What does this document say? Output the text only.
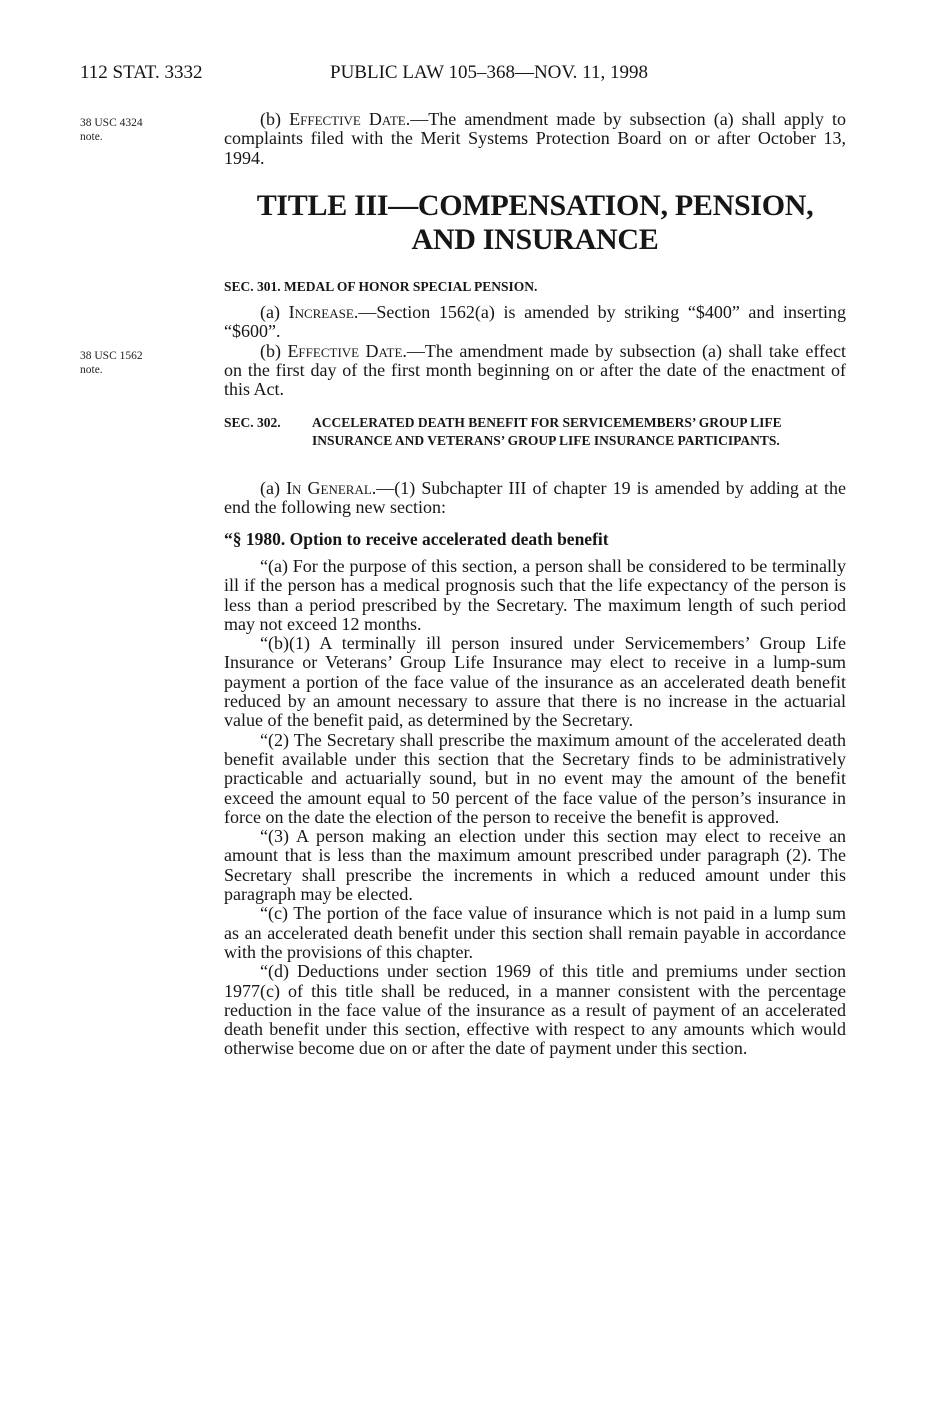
112 STAT. 3332	PUBLIC LAW 105–368—NOV. 11, 1998
38 USC 4324
note.
38 USC 1562
note.

(b) Effective Date.—The amendment made by subsection (a) shall apply to complaints filed with the Merit Systems Protection Board on or after October 13, 1994.

TITLE III—COMPENSATION, PENSION,
AND INSURANCE
SEC. 301. MEDAL OF HONOR SPECIAL PENSION.

(a) Increase.—Section 1562(a) is amended by striking “$400” and inserting “$600”.

(b) Effective Date.—The amendment made by subsection (a) shall take effect on the first day of the first month beginning on or after the date of the enactment of this Act.

SEC. 302.	ACCELERATED DEATH BENEFIT FOR SERVICEMEMBERS’ GROUP LIFE INSURANCE AND VETERANS’ GROUP LIFE INSURANCE PARTICIPANTS.

(a) In General.—(1) Subchapter III of chapter 19 is amended by adding at the end the following new section:

“§ 1980. Option to receive accelerated death benefit

“(a) For the purpose of this section, a person shall be considered to be terminally ill if the person has a medical prognosis such that the life expectancy of the person is less than a period prescribed by the Secretary. The maximum length of such period may not exceed 12 months.

“(b)(1) A terminally ill person insured under Servicemembers’ Group Life Insurance or Veterans’ Group Life Insurance may elect to receive in a lump-sum payment a portion of the face value of the insurance as an accelerated death benefit reduced by an amount necessary to assure that there is no increase in the actuarial value of the benefit paid, as determined by the Secretary.

“(2) The Secretary shall prescribe the maximum amount of the accelerated death benefit available under this section that the Secretary finds to be administratively practicable and actuarially sound, but in no event may the amount of the benefit exceed the amount equal to 50 percent of the face value of the person’s insurance in force on the date the election of the person to receive the benefit is approved.

“(3) A person making an election under this section may elect to receive an amount that is less than the maximum amount prescribed under paragraph (2). The Secretary shall prescribe the increments in which a reduced amount under this paragraph may be elected.

“(c) The portion of the face value of insurance which is not paid in a lump sum as an accelerated death benefit under this section shall remain payable in accordance with the provisions of this chapter.

“(d) Deductions under section 1969 of this title and premiums under section 1977(c) of this title shall be reduced, in a manner consistent with the percentage reduction in the face value of the insurance as a result of payment of an accelerated death benefit under this section, effective with respect to any amounts which would otherwise become due on or after the date of payment under this section.
